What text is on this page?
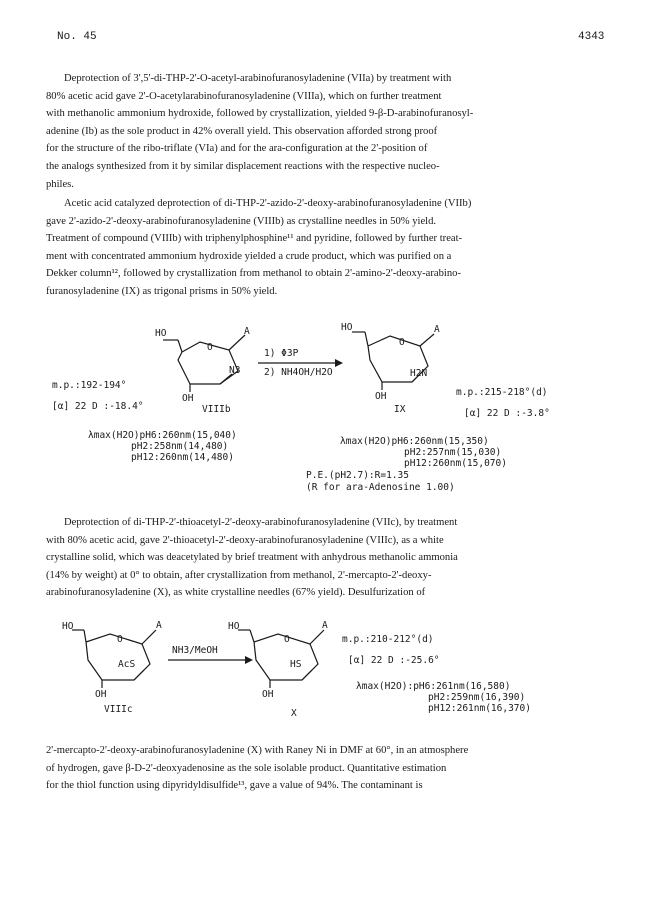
No. 45	4343
Deprotection of 3',5'-di-THP-2'-O-acetyl-arabinofuranosyladenine (VIIa) by treatment with
80% acetic acid gave 2'-O-acetylarabinofuranosyladenine (VIIIa), which on further treatment
with methanolic ammonium hydroxide, followed by crystallization, yielded 9-β-D-arabinofuranosyl-
adenine (Ib) as the sole product in 42% overall yield. This observation afforded strong proof
for the structure of the ribo-triflate (VIa) and for the ara-configuration at the 2'-position of
the analogs synthesized from it by similar displacement reactions with the respective nucleo-
philes.
Acetic acid catalyzed deprotection of di-THP-2'-azido-2'-deoxy-arabinofuranosyladenine (VIIb)
gave 2'-azido-2'-deoxy-arabinofuranosyladenine (VIIIb) as crystalline needles in 50% yield.
Treatment of compound (VIIIb) with triphenylphosphine¹¹ and pyridine, followed by further treat-
ment with concentrated ammonium hydroxide yielded a crude product, which was purified on a
Dekker column¹², followed by crystallization from methanol to obtain 2'-amino-2'-deoxy-arabino-
furanosyladenine (IX) as trigonal prisms in 50% yield.
HO	A
O
N3
OH
VIIIb
1) Φ3P
2) NH4OH/H2O
HO	A
O
H2N
OH
IX
m.p.:192-194°
[α] 22 D :-18.4°
λmax(H2O)pH6:260nm(15,040)
pH2:258nm(14,480)
pH12:260nm(14,480)
m.p.:215-218°(d)
[α] 22 D :-3.8°
λmax(H2O)pH6:260nm(15,350)
pH2:257nm(15,030)
pH12:260nm(15,070)
P.E.(pH2.7):R=1.35
(R for ara-Adenosine 1.00)
Deprotection of di-THP-2'-thioacetyl-2'-deoxy-arabinofuranosyladenine (VIIc), by treatment
with 80% acetic acid, gave 2'-thioacetyl-2'-deoxy-arabinofuranosyladenine (VIIIc), as a white
crystalline solid, which was deacetylated by brief treatment with anhydrous methanolic ammonia
(14% by weight) at 0° to obtain, after crystallization from methanol, 2'-mercapto-2'-deoxy-
arabinofuranosyladenine (X), as white crystalline needles (67% yield). Desulfurization of
HO	A
O
AcS
OH
VIIIc
NH3/MeOH
HO	A
O
HS
OH
X
m.p.:210-212°(d)
[α] 22 D :-25.6°
λmax(H2O):pH6:261nm(16,580)
pH2:259nm(16,390)
pH12:261nm(16,370)
2'-mercapto-2'-deoxy-arabinofuranosyladenine (X) with Raney Ni in DMF at 60°, in an atmosphere
of hydrogen, gave β-D-2'-deoxyadenosine as the sole isolable product. Quantitative estimation
for the thiol function using dipyridyldisulfide¹³, gave a value of 94%. The contaminant is
